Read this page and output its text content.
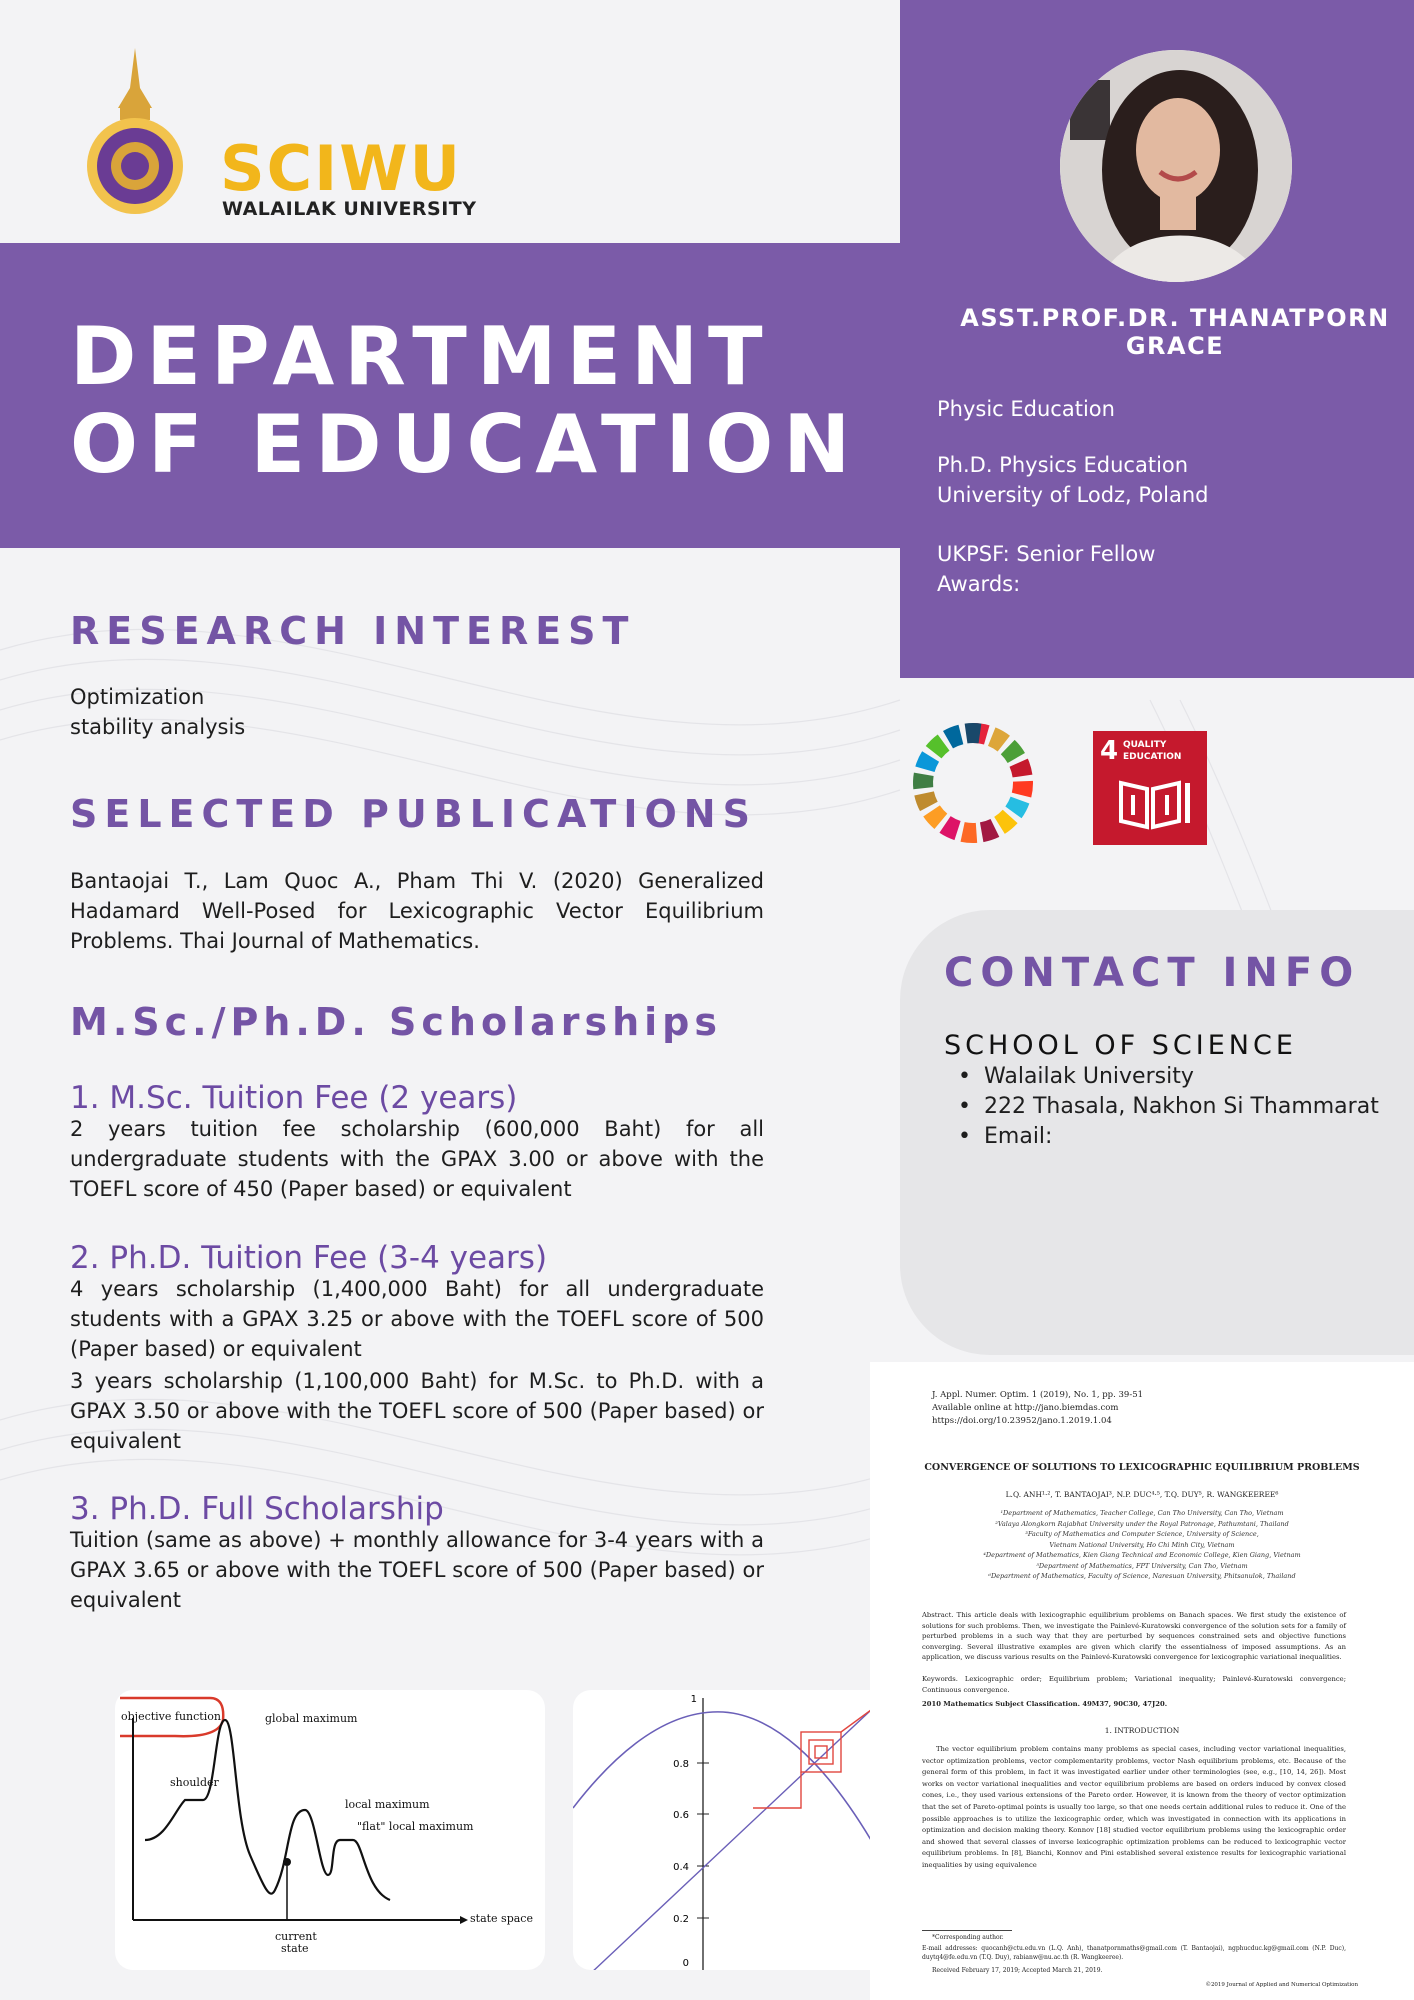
SCIWU
WALAILAK UNIVERSITY
DEPARTMENT
OF EDUCATION
ASST.PROF.DR. THANATPORN GRACE
Physic Education
Ph.D. Physics Education
University of Lodz, Poland
UKPSF: Senior Fellow
Awards:
4 QUALITY
EDUCATION
RESEARCH INTEREST
Optimization
stability analysis
SELECTED PUBLICATIONS
Bantaojai T., Lam Quoc A., Pham Thi V. (2020) Generalized Hadamard Well-Posed for Lexicographic Vector Equilibrium Problems. Thai Journal of Mathematics.
M.Sc./Ph.D. Scholarships
1. M.Sc. Tuition Fee (2 years)
2 years tuition fee scholarship (600,000 Baht) for all undergraduate students with the GPAX 3.00 or above with the TOEFL score of 450 (Paper based) or equivalent
2. Ph.D. Tuition Fee (3-4 years)
4 years scholarship (1,400,000 Baht) for all undergraduate students with a GPAX 3.25 or above with the TOEFL score of 500 (Paper based) or equivalent
3 years scholarship (1,100,000 Baht) for M.Sc. to Ph.D. with a GPAX 3.50 or above with the TOEFL score of 500 (Paper based) or equivalent
3. Ph.D. Full Scholarship
Tuition (same as above) + monthly allowance for 3-4 years with a GPAX 3.65 or above with the TOEFL score of 500 (Paper based) or equivalent
CONTACT INFO
SCHOOL OF SCIENCE
• Walailak University
• 222 Thasala, Nakhon Si Thammarat
• Email:
objective function	global maximum
shoulder
local maximum
"flat" local maximum
current
state
state space
0.8
0.6
0.4
0.2
0
1

J. Appl. Numer. Optim. 1 (2019), No. 1, pp. 39-51

Available online at http://jano.biemdas.com

https://doi.org/10.23952/jano.1.2019.1.04

CONVERGENCE OF SOLUTIONS TO LEXICOGRAPHIC EQUILIBRIUM PROBLEMS

L.Q. ANH¹·², T. BANTAOJAI³, N.P. DUC⁴·⁵, T.Q. DUY⁵, R. WANGKEEREE⁶

¹Department of Mathematics, Teacher College, Can Tho University, Can Tho, Vietnam
²Valaya Alongkorn Rajabhat University under the Royal Patronage, Pathumtani, Thailand
³Faculty of Mathematics and Computer Science, University of Science,
Vietnam National University, Ho Chi Minh City, Vietnam
⁴Department of Mathematics, Kien Giang Technical and Economic College, Kien Giang, Vietnam
⁵Department of Mathematics, FPT University, Can Tho, Vietnam
⁶Department of Mathematics, Faculty of Science, Naresuan University, Phitsanulok, Thailand

Abstract. This article deals with lexicographic equilibrium problems on Banach spaces. We first study the existence of solutions for such problems. Then, we investigate the Painlevé-Kuratowski convergence of the solution sets for a family of perturbed problems in a such way that they are perturbed by sequences constrained sets and objective functions converging. Several illustrative examples are given which clarify the essentialness of imposed assumptions. As an application, we discuss various results on the Painlevé-Kuratowski convergence for lexicographic variational inequalities.

Keywords. Lexicographic order; Equilibrium problem; Variational inequality; Painlevé-Kuratowski convergence; Continuous convergence.

2010 Mathematics Subject Classification. 49M37, 90C30, 47J20.

1. INTRODUCTION

The vector equilibrium problem contains many problems as special cases, including vector variational inequalities, vector optimization problems, vector complementarity problems, vector Nash equilibrium problems, etc. Because of the general form of this problem, in fact it was investigated earlier under other terminologies (see, e.g., [10, 14, 26]). Most works on vector variational inequalities and vector equilibrium problems are based on orders induced by convex closed cones, i.e., they used various extensions of the Pareto order. However, it is known from the theory of vector optimization that the set of Pareto-optimal points is usually too large, so that one needs certain additional rules to reduce it. One of the possible approaches is to utilize the lexicographic order, which was investigated in connection with its applications in optimization and decision making theory. Konnov [18] studied vector equilibrium problems using the lexicographic order and showed that several classes of inverse lexicographic optimization problems can be reduced to lexicographic vector equilibrium problems. In [8], Bianchi, Konnov and Pini established several existence results for lexicographic variational inequalities by using equivalence

*Corresponding author.

E-mail addresses: quocanh@ctu.edu.vn (L.Q. Anh), thanatpornmaths@gmail.com (T. Bantaojai), ngphucduc.kg@gmail.com (N.P. Duc), duytq4@fe.edu.vn (T.Q. Duy), rabianw@nu.ac.th (R. Wangkeeree).

Received February 17, 2019; Accepted March 21, 2019.

©2019 Journal of Applied and Numerical Optimization
